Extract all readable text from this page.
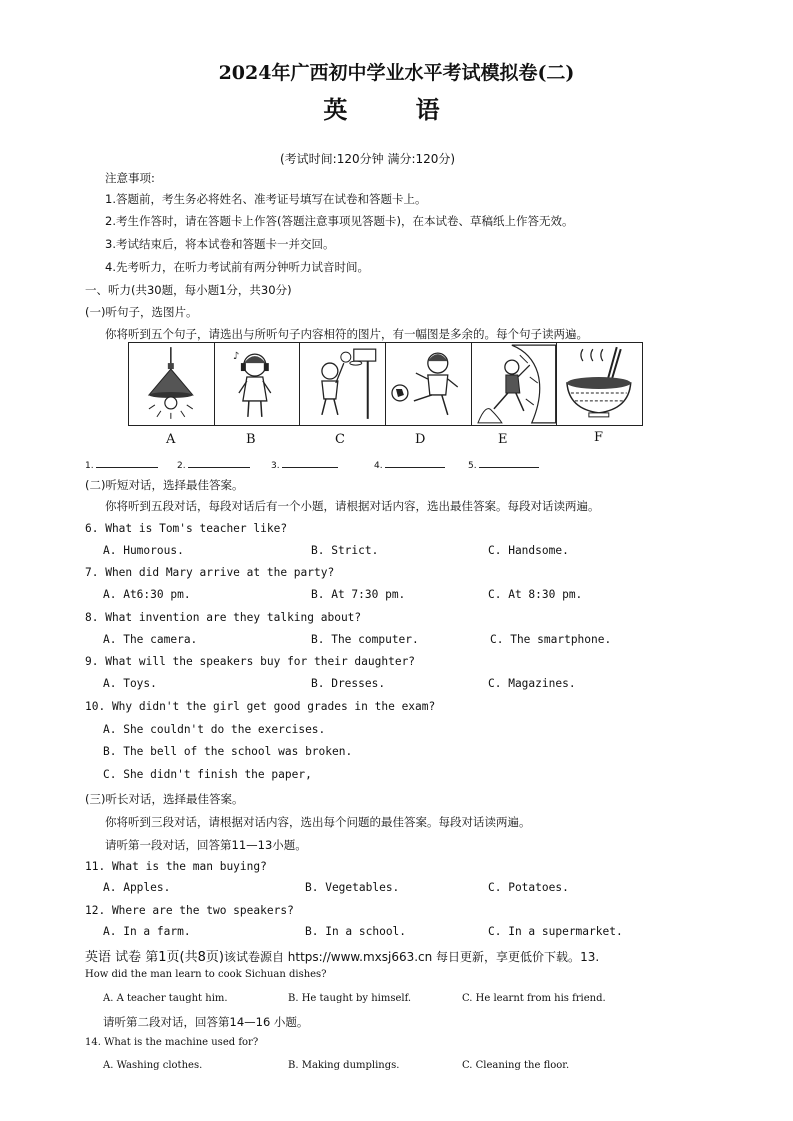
2024年广西初中学业水平考试模拟卷(二)
英 语
(考试时间:120分钟 满分:120分)
注意事项:
1.答题前，考生务必将姓名、准考证号填写在试卷和答题卡上。
2.考生作答时，请在答题卡上作答(答题注意事项见答题卡)，在本试卷、草稿纸上作答无效。
3.考试结束后，将本试卷和答题卡一并交回。
4.先考听力，在听力考试前有两分钟听力试音时间。
一、听力(共30题，每小题1分，共30分)
(一)听句子，选图片。
你将听到五个句子，请选出与所听句子内容相符的图片，有一幅图是多余的。每个句子读两遍。
♪
A	B	C	D	E	F
1.	2.	3.	4.	5.
(二)听短对话，选择最佳答案。
你将听到五段对话，每段对话后有一个小题，请根据对话内容，选出最佳答案。每段对话读两遍。
6. What is Tom's teacher like?
A. Humorous.	B. Strict.	C. Handsome.
7. When did Mary arrive at the party?
A. At6:30 pm.	B. At 7:30 pm.	C. At 8:30 pm.
8. What invention are they talking about?
A. The camera.	B. The computer.	C. The smartphone.
9. What will the speakers buy for their daughter?
A. Toys.	B. Dresses.	C. Magazines.
10. Why didn't the girl get good grades in the exam?
A. She couldn't do the exercises.
B. The bell of the school was broken.
C. She didn't finish the paper,
(三)听长对话，选择最佳答案。
你将听到三段对话，请根据对话内容，选出每个问题的最佳答案。每段对话读两遍。
请听第一段对话，回答第11—13小题。
11. What is the man buying?
A. Apples.	B. Vegetables.	C. Potatoes.
12. Where are the two speakers?
A. In a farm.	B. In a school.	C. In a supermarket.
英语 试卷 第1页(共8页)该试卷源自 https://www.mxsj663.cn 每日更新，享更低价下载。13.
How did the man learn to cook Sichuan dishes?
A. A teacher taught him.	B. He taught by himself.	C. He learnt from his friend.
请听第二段对话，回答第14—16 小题。
14. What is the machine used for?
A. Washing clothes.	B. Making dumplings.	C. Cleaning the floor.
